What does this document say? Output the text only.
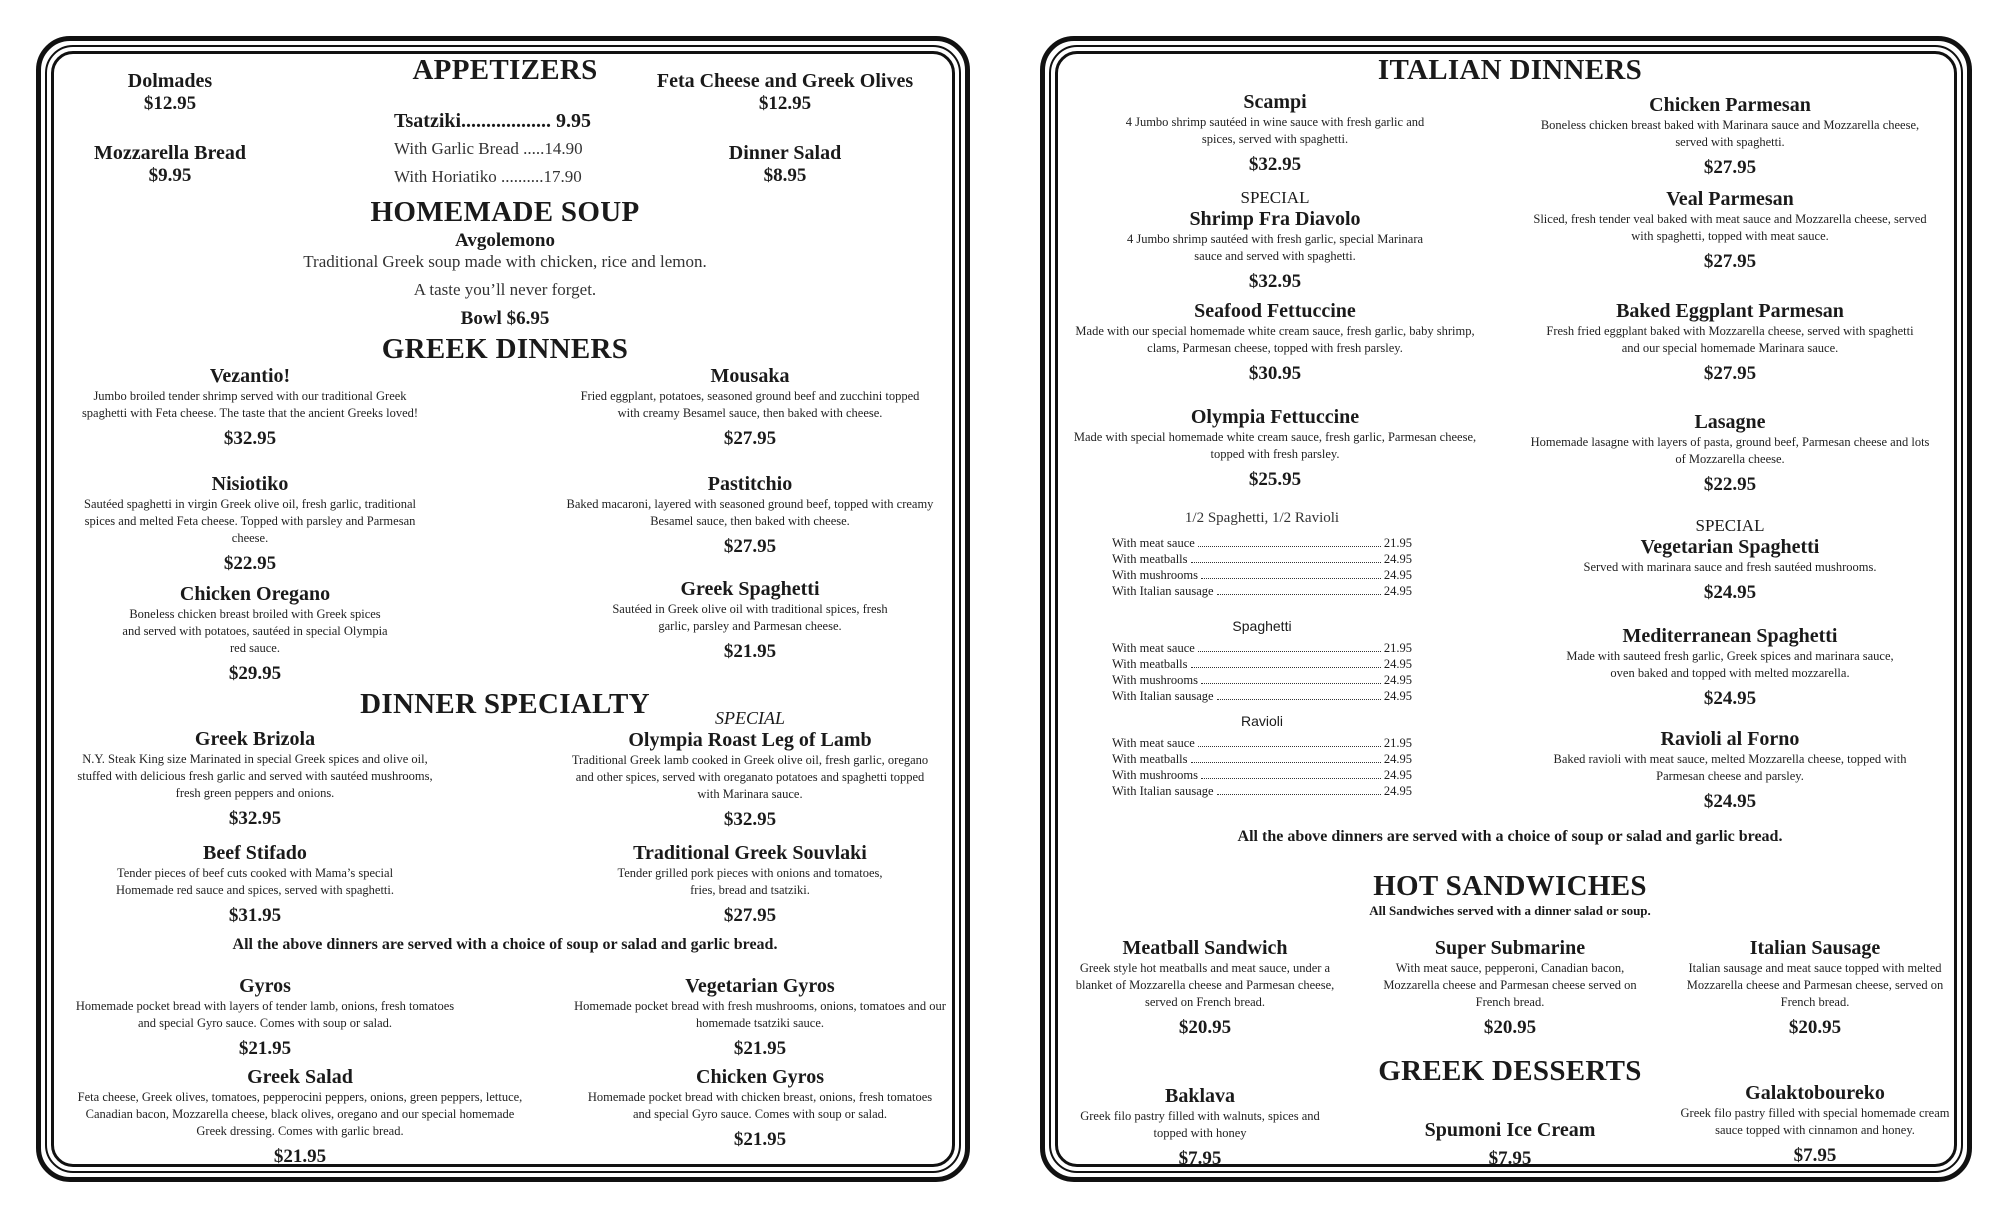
APPETIZERS
Dolmades
$12.95
Mozzarella Bread
$9.95
Feta Cheese and Greek Olives
$12.95
Dinner Salad
$8.95
Tsatziki.................. 9.95
With Garlic Bread .....14.90
With Horiatiko ..........17.90
HOMEMADE SOUP
Avgolemono
Traditional Greek soup made with chicken, rice and lemon.
A taste you’ll never forget.
Bowl $6.95
GREEK DINNERS
Vezantio!
Jumbo broiled tender shrimp served with our traditional Greek spaghetti with Feta cheese. The taste that the ancient Greeks loved!
$32.95
Mousaka
Fried eggplant, potatoes, seasoned ground beef and zucchini topped with creamy Besamel sauce, then baked with cheese.
$27.95
Nisiotiko
Sautéed spaghetti in virgin Greek olive oil, fresh garlic, traditional spices and melted Feta cheese. Topped with parsley and Parmesan cheese.
$22.95
Pastitchio
Baked macaroni, layered with seasoned ground beef, topped with creamy Besamel sauce, then baked with cheese.
$27.95
Chicken Oregano
Boneless chicken breast broiled with Greek spices and served with potatoes, sautéed in special Olympia red sauce.
$29.95
Greek Spaghetti
Sautéed in Greek olive oil with traditional spices, fresh garlic, parsley and Parmesan cheese.
$21.95
DINNER SPECIALTY
Greek Brizola
N.Y. Steak King size Marinated in special Greek spices and olive oil, stuffed with delicious fresh garlic and served with sautéed mushrooms, fresh green peppers and onions.
$32.95
SPECIAL
Olympia Roast Leg of Lamb
Traditional Greek lamb cooked in Greek olive oil, fresh garlic, oregano and other spices, served with oreganato potatoes and spaghetti topped with Marinara sauce.
$32.95
Beef Stifado
Tender pieces of beef cuts cooked with Mama’s special Homemade red sauce and spices, served with spaghetti.
$31.95
Traditional Greek Souvlaki
Tender grilled pork pieces with onions and tomatoes, fries, bread and tsatziki.
$27.95
All the above dinners are served with a choice of soup or salad and garlic bread.
Gyros
Homemade pocket bread with layers of tender lamb, onions, fresh tomatoes and special Gyro sauce. Comes with soup or salad.
$21.95
Vegetarian Gyros
Homemade pocket bread with fresh mushrooms, onions, tomatoes and our homemade tsatziki sauce.
$21.95
Greek Salad
Feta cheese, Greek olives, tomatoes, pepperocini peppers, onions, green peppers, lettuce, Canadian bacon, Mozzarella cheese, black olives, oregano and our special homemade Greek dressing. Comes with garlic bread.
$21.95
Chicken Gyros
Homemade pocket bread with chicken breast, onions, fresh tomatoes and special Gyro sauce. Comes with soup or salad.
$21.95
ITALIAN DINNERS
Scampi
4 Jumbo shrimp sautéed in wine sauce with fresh garlic and spices, served with spaghetti.
$32.95
SPECIAL
Shrimp Fra Diavolo
4 Jumbo shrimp sautéed with fresh garlic, special Marinara sauce and served with spaghetti.
$32.95
Seafood Fettuccine
Made with our special homemade white cream sauce, fresh garlic, baby shrimp, clams, Parmesan cheese, topped with fresh parsley.
$30.95
Olympia Fettuccine
Made with special homemade white cream sauce, fresh garlic, Parmesan cheese, topped with fresh parsley.
$25.95
1/2 Spaghetti, 1/2 Ravioli
With meat sauce	21.95
With meatballs	24.95
With mushrooms	24.95
With Italian sausage	24.95
Spaghetti
With meat sauce	21.95
With meatballs	24.95
With mushrooms	24.95
With Italian sausage	24.95
Ravioli
With meat sauce	21.95
With meatballs	24.95
With mushrooms	24.95
With Italian sausage	24.95
Chicken Parmesan
Boneless chicken breast baked with Marinara sauce and Mozzarella cheese, served with spaghetti.
$27.95
Veal Parmesan
Sliced, fresh tender veal baked with meat sauce and Mozzarella cheese, served with spaghetti, topped with meat sauce.
$27.95
Baked Eggplant Parmesan
Fresh fried eggplant baked with Mozzarella cheese, served with spaghetti and our special homemade Marinara sauce.
$27.95
Lasagne
Homemade lasagne with layers of pasta, ground beef, Parmesan cheese and lots of Mozzarella cheese.
$22.95
SPECIAL
Vegetarian Spaghetti
Served with marinara sauce and fresh sautéed mushrooms.
$24.95
Mediterranean Spaghetti
Made with sauteed fresh garlic, Greek spices and marinara sauce, oven baked and topped with melted mozzarella.
$24.95
Ravioli al Forno
Baked ravioli with meat sauce, melted Mozzarella cheese, topped with Parmesan cheese and parsley.
$24.95
All the above dinners are served with a choice of soup or salad and garlic bread.
HOT SANDWICHES
All Sandwiches served with a dinner salad or soup.
Meatball Sandwich
Greek style hot meatballs and meat sauce, under a blanket of Mozzarella cheese and Parmesan cheese, served on French bread.
$20.95
Super Submarine
With meat sauce, pepperoni, Canadian bacon, Mozzarella cheese and Parmesan cheese served on French bread.
$20.95
Italian Sausage
Italian sausage and meat sauce topped with melted Mozzarella cheese and Parmesan cheese, served on French bread.
$20.95
GREEK DESSERTS
Baklava
Greek filo pastry filled with walnuts, spices and topped with honey
$7.95
Spumoni Ice Cream
$7.95
Galaktoboureko
Greek filo pastry filled with special homemade cream sauce topped with cinnamon and honey.
$7.95
